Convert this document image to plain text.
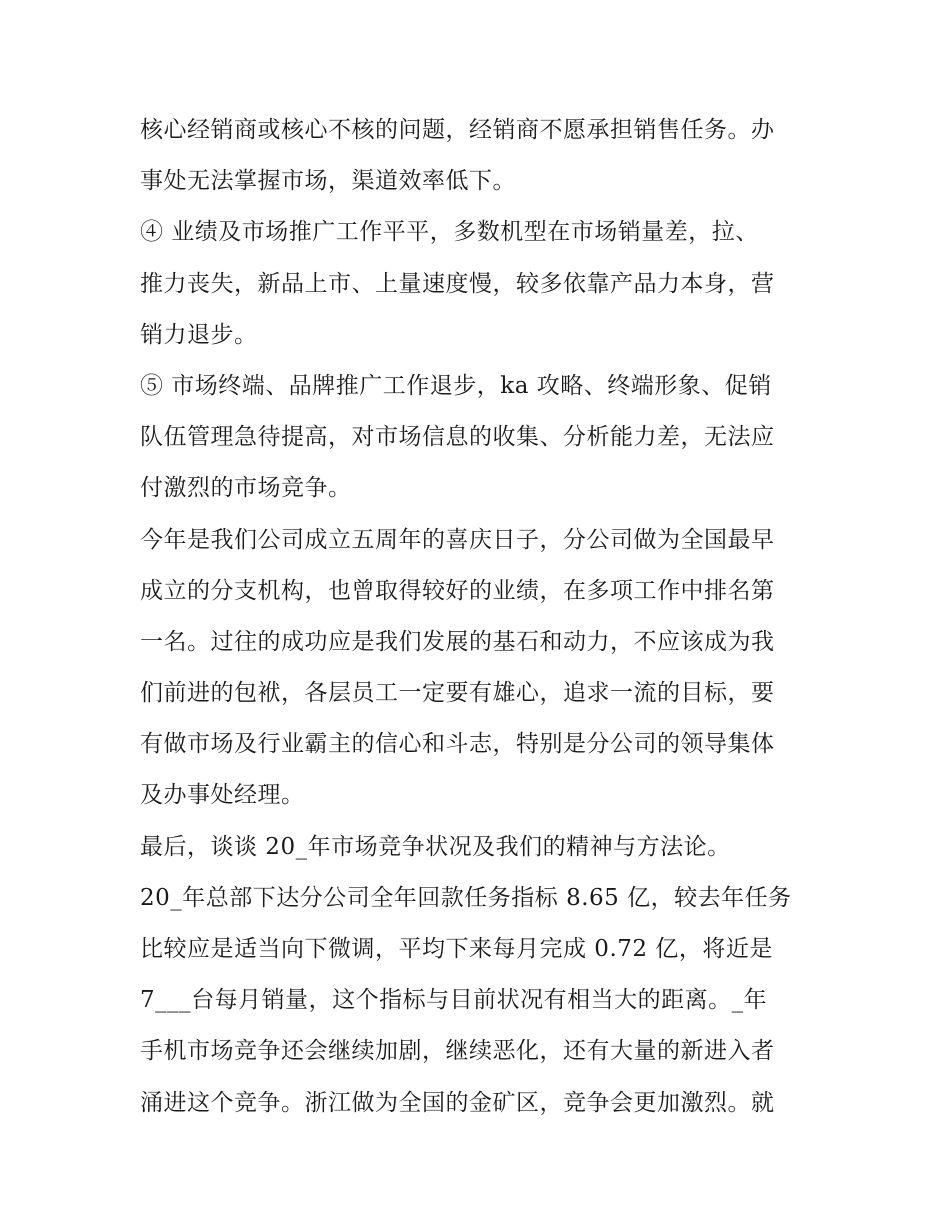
核心经销商或核心不核的问题，经销商不愿承担销售任务。办
事处无法掌握市场，渠道效率低下。
④ 业绩及市场推广工作平平，多数机型在市场销量差，拉、
推力丧失，新品上市、上量速度慢，较多依靠产品力本身，营
销力退步。
⑤ 市场终端、品牌推广工作退步，ka 攻略、终端形象、促销
队伍管理急待提高，对市场信息的收集、分析能力差，无法应
付激烈的市场竞争。
今年是我们公司成立五周年的喜庆日子，分公司做为全国最早
成立的分支机构，也曾取得较好的业绩，在多项工作中排名第
一名。过往的成功应是我们发展的基石和动力，不应该成为我
们前进的包袱，各层员工一定要有雄心，追求一流的目标，要
有做市场及行业霸主的信心和斗志，特别是分公司的领导集体
及办事处经理。
最后，谈谈 20_年市场竞争状况及我们的精神与方法论。
20_年总部下达分公司全年回款任务指标 8.65 亿，较去年任务
比较应是适当向下微调，平均下来每月完成 0.72 亿，将近是
7___台每月销量，这个指标与目前状况有相当大的距离。_年
手机市场竞争还会继续加剧，继续恶化，还有大量的新进入者
涌进这个竞争。浙江做为全国的金矿区，竞争会更加激烈。就
